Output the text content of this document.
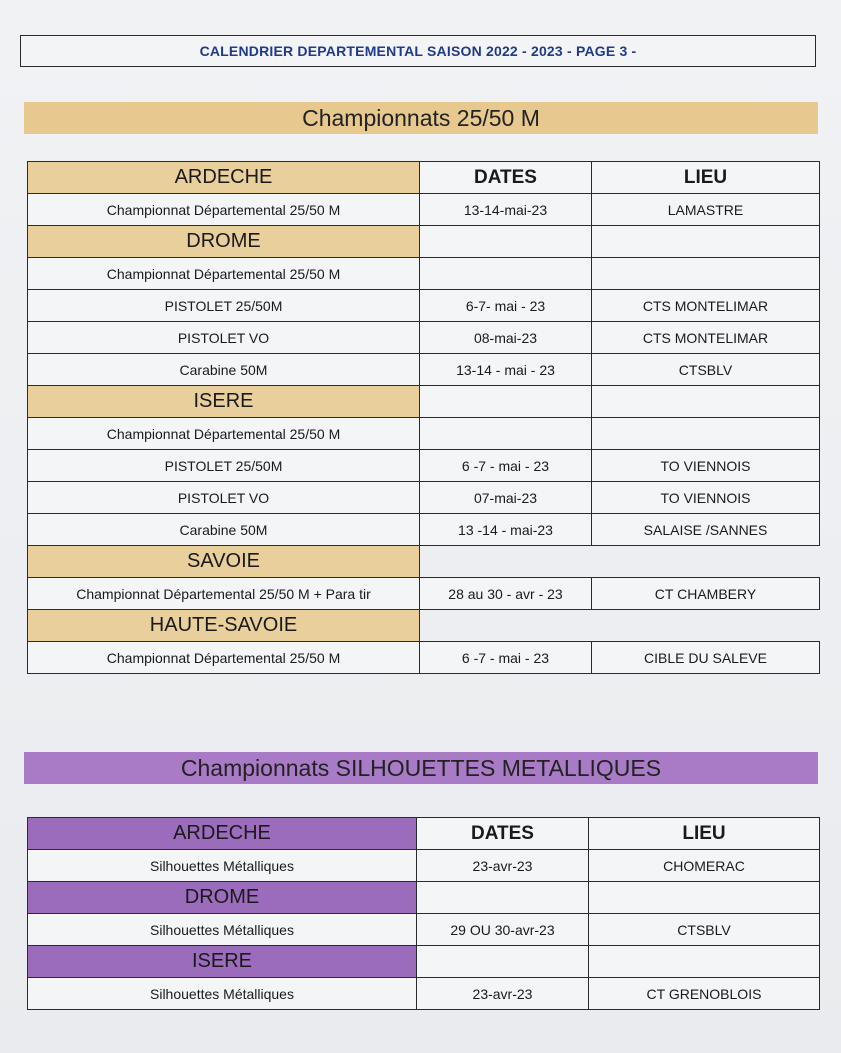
CALENDRIER DEPARTEMENTAL SAISON 2022 - 2023 - PAGE 3 -
Championnats 25/50 M
ARDECHE	DATES	LIEU
Championnat Départemental 25/50 M	13-14-mai-23	LAMASTRE
DROME		
Championnat Départemental 25/50 M		
PISTOLET 25/50M	6-7- mai - 23	CTS MONTELIMAR
PISTOLET VO	08-mai-23	CTS MONTELIMAR
Carabine 50M	13-14 - mai - 23	CTSBLV
ISERE		
Championnat Départemental 25/50 M		
PISTOLET 25/50M	6 -7 - mai - 23	TO VIENNOIS
PISTOLET VO	07-mai-23	TO VIENNOIS
Carabine 50M	13 -14 - mai-23	SALAISE /SANNES
SAVOIE		
Championnat Départemental 25/50 M + Para tir	28 au 30 - avr - 23	CT CHAMBERY
HAUTE-SAVOIE		
Championnat Départemental 25/50 M	6 -7 - mai - 23	CIBLE DU SALEVE
Championnats SILHOUETTES METALLIQUES
ARDECHE	DATES	LIEU
Silhouettes Métalliques	23-avr-23	CHOMERAC
DROME		
Silhouettes Métalliques	29 OU 30-avr-23	CTSBLV
ISERE		
Silhouettes Métalliques	23-avr-23	CT GRENOBLOIS
